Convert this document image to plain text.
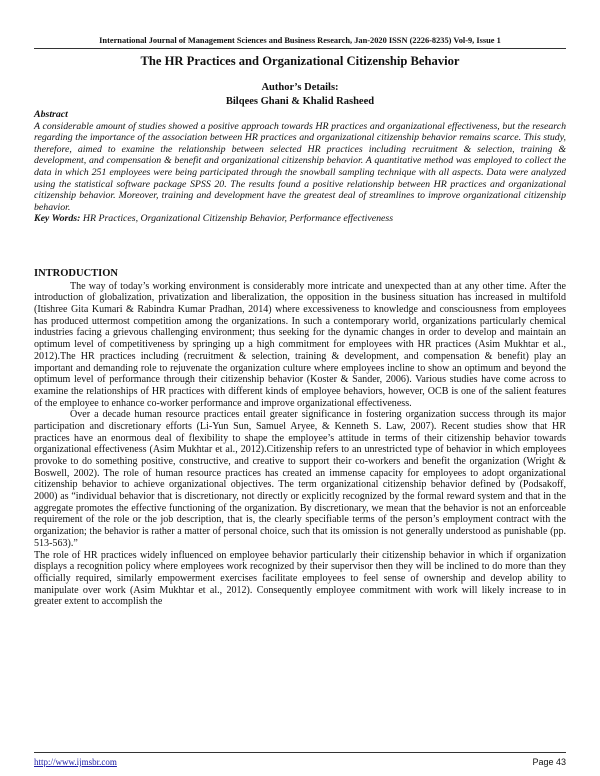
International Journal of Management Sciences and Business Research, Jan-2020 ISSN (2226-8235) Vol-9, Issue 1
The HR Practices and Organizational Citizenship Behavior
Author’s Details:
Bilqees Ghani & Khalid Rasheed
Abstract
A considerable amount of studies showed a positive approach towards HR practices and organizational effectiveness, but the research regarding the importance of the association between HR practices and organizational citizenship behavior remains scarce. This study, therefore, aimed to examine the relationship between selected HR practices including recruitment & selection, training & development, and compensation & benefit and organizational citizenship behavior. A quantitative method was employed to collect the data in which 251 employees were being participated through the snowball sampling technique with all aspects. Data were analyzed using the statistical software package SPSS 20. The results found a positive relationship between HR practices and organizational citizenship behavior. Moreover, training and development have the greatest deal of streamlines to improve organizational citizenship behavior.
Key Words: HR Practices, Organizational Citizenship Behavior, Performance effectiveness
INTRODUCTION

The way of today’s working environment is considerably more intricate and unexpected than at any other time. After the introduction of globalization, privatization and liberalization, the opposition in the business situation has increased in multifold (Itishree Gita Kumari & Rabindra Kumar Pradhan, 2014) where excessiveness to knowledge and consciousness from employees has produced uttermost competition among the organizations. In such a contemporary world, organizations particularly chemical industries facing a grievous challenging environment; thus seeking for the dynamic changes in order to develop and maintain an optimum level of competitiveness by springing up a high commitment for employees with HR practices (Asim Mukhtar et al., 2012).The HR practices including (recruitment & selection, training & development, and compensation & benefit) play an important and demanding role to rejuvenate the organization culture where employees incline to show an optimum and beyond the optimum level of performance through their citizenship behavior (Koster & Sander, 2006). Various studies have come across to examine the relationships of HR practices with different kinds of employee behaviors, however, OCB is one of the salient features of the employee to enhance co-worker performance and improve organizational effectiveness.

Over a decade human resource practices entail greater significance in fostering organization success through its major participation and discretionary efforts (Li-Yun Sun, Samuel Aryee, & Kenneth S. Law, 2007). Recent studies show that HR practices have an enormous deal of flexibility to shape the employee’s attitude in terms of their citizenship behavior towards organizational effectiveness (Asim Mukhtar et al., 2012).Citizenship refers to an unrestricted type of behavior in which employees provoke to do something positive, constructive, and creative to support their co-workers and benefit the organization (Wright & Boswell, 2002). The role of human resource practices has created an immense capacity for employees to adopt organizational citizenship behavior to achieve organizational objectives. The term organizational citizenship behavior defined by (Podsakoff, 2000) as “individual behavior that is discretionary, not directly or explicitly recognized by the formal reward system and that in the aggregate promotes the effective functioning of the organization. By discretionary, we mean that the behavior is not an enforceable requirement of the role or the job description, that is, the clearly specifiable terms of the person’s employment contract with the organization; the behavior is rather a matter of personal choice, such that its omission is not generally understood as punishable (pp. 513-563).”

The role of HR practices widely influenced on employee behavior particularly their citizenship behavior in which if organization displays a recognition policy where employees work recognized by their supervisor then they will be inclined to do more than they officially required, similarly empowerment exercises facilitate employees to feel sense of ownership and develop ability to manipulate over work (Asim Mukhtar et al., 2012). Consequently employee commitment with work will likely increase to in greater extent to accomplish the

http://www.ijmsbr.com	Page 43
